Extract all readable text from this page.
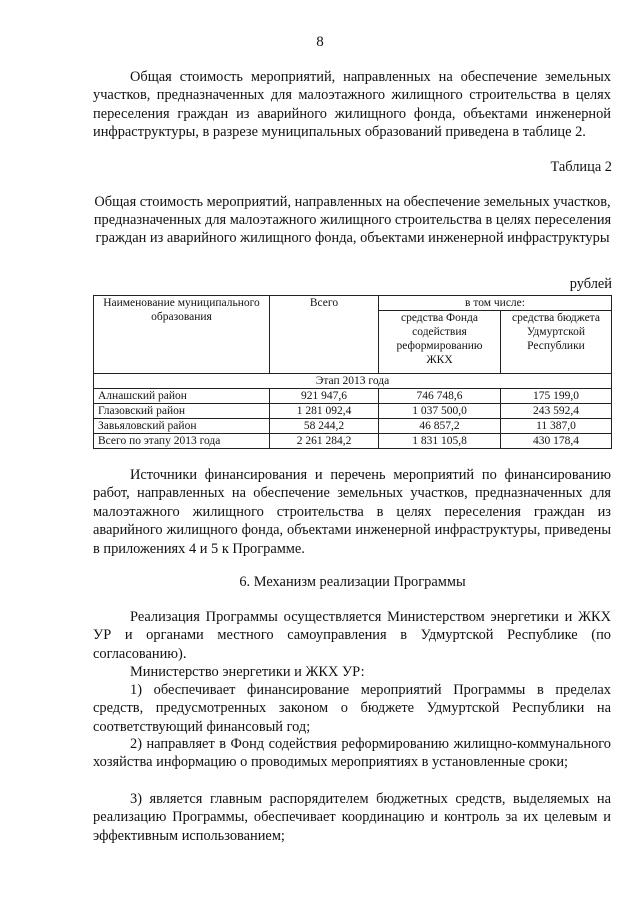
8

Общая стоимость мероприятий, направленных на обеспечение земельных участков, предназначенных для малоэтажного жилищного строительства в целях переселения граждан из аварийного жилищного фонда, объектами инженерной инфраструктуры, в разрезе муниципальных образований приведена в таблице 2.

Таблица 2

Общая стоимость мероприятий, направленных на обеспечение земельных участков, предназначенных для малоэтажного жилищного строительства в целях переселения граждан из аварийного жилищного фонда, объектами инженерной инфраструктуры

рублей

Наименование муниципального образования	Всего	в том числе:	
		средства Фонда содействия реформированию ЖКХ	средства бюджета Удмуртской Республики
Этап 2013 года			
Алнашский район	921 947,6	746 748,6	175 199,0
Глазовский район	1 281 092,4	1 037 500,0	243 592,4
Завьяловский район	58 244,2	46 857,2	11 387,0
Всего по этапу 2013 года	2 261 284,2	1 831 105,8	430 178,4

Источники финансирования и перечень мероприятий по финансированию работ, направленных на обеспечение земельных участков, предназначенных для малоэтажного жилищного строительства в целях переселения граждан из аварийного жилищного фонда, объектами инженерной инфраструктуры, приведены в приложениях 4 и 5 к Программе.

6. Механизм реализации Программы

Реализация Программы осуществляется Министерством энергетики и ЖКХ УР и органами местного самоуправления в Удмуртской Республике (по согласованию).

Министерство энергетики и ЖКХ УР:

1) обеспечивает финансирование мероприятий Программы в пределах средств, предусмотренных законом о бюджете Удмуртской Республики на соответствующий финансовый год;

2) направляет в Фонд содействия реформированию жилищно-коммунального хозяйства информацию о проводимых мероприятиях в установленные сроки;

3) является главным распорядителем бюджетных средств, выделяемых на реализацию Программы, обеспечивает координацию и контроль за их целевым и эффективным использованием;
